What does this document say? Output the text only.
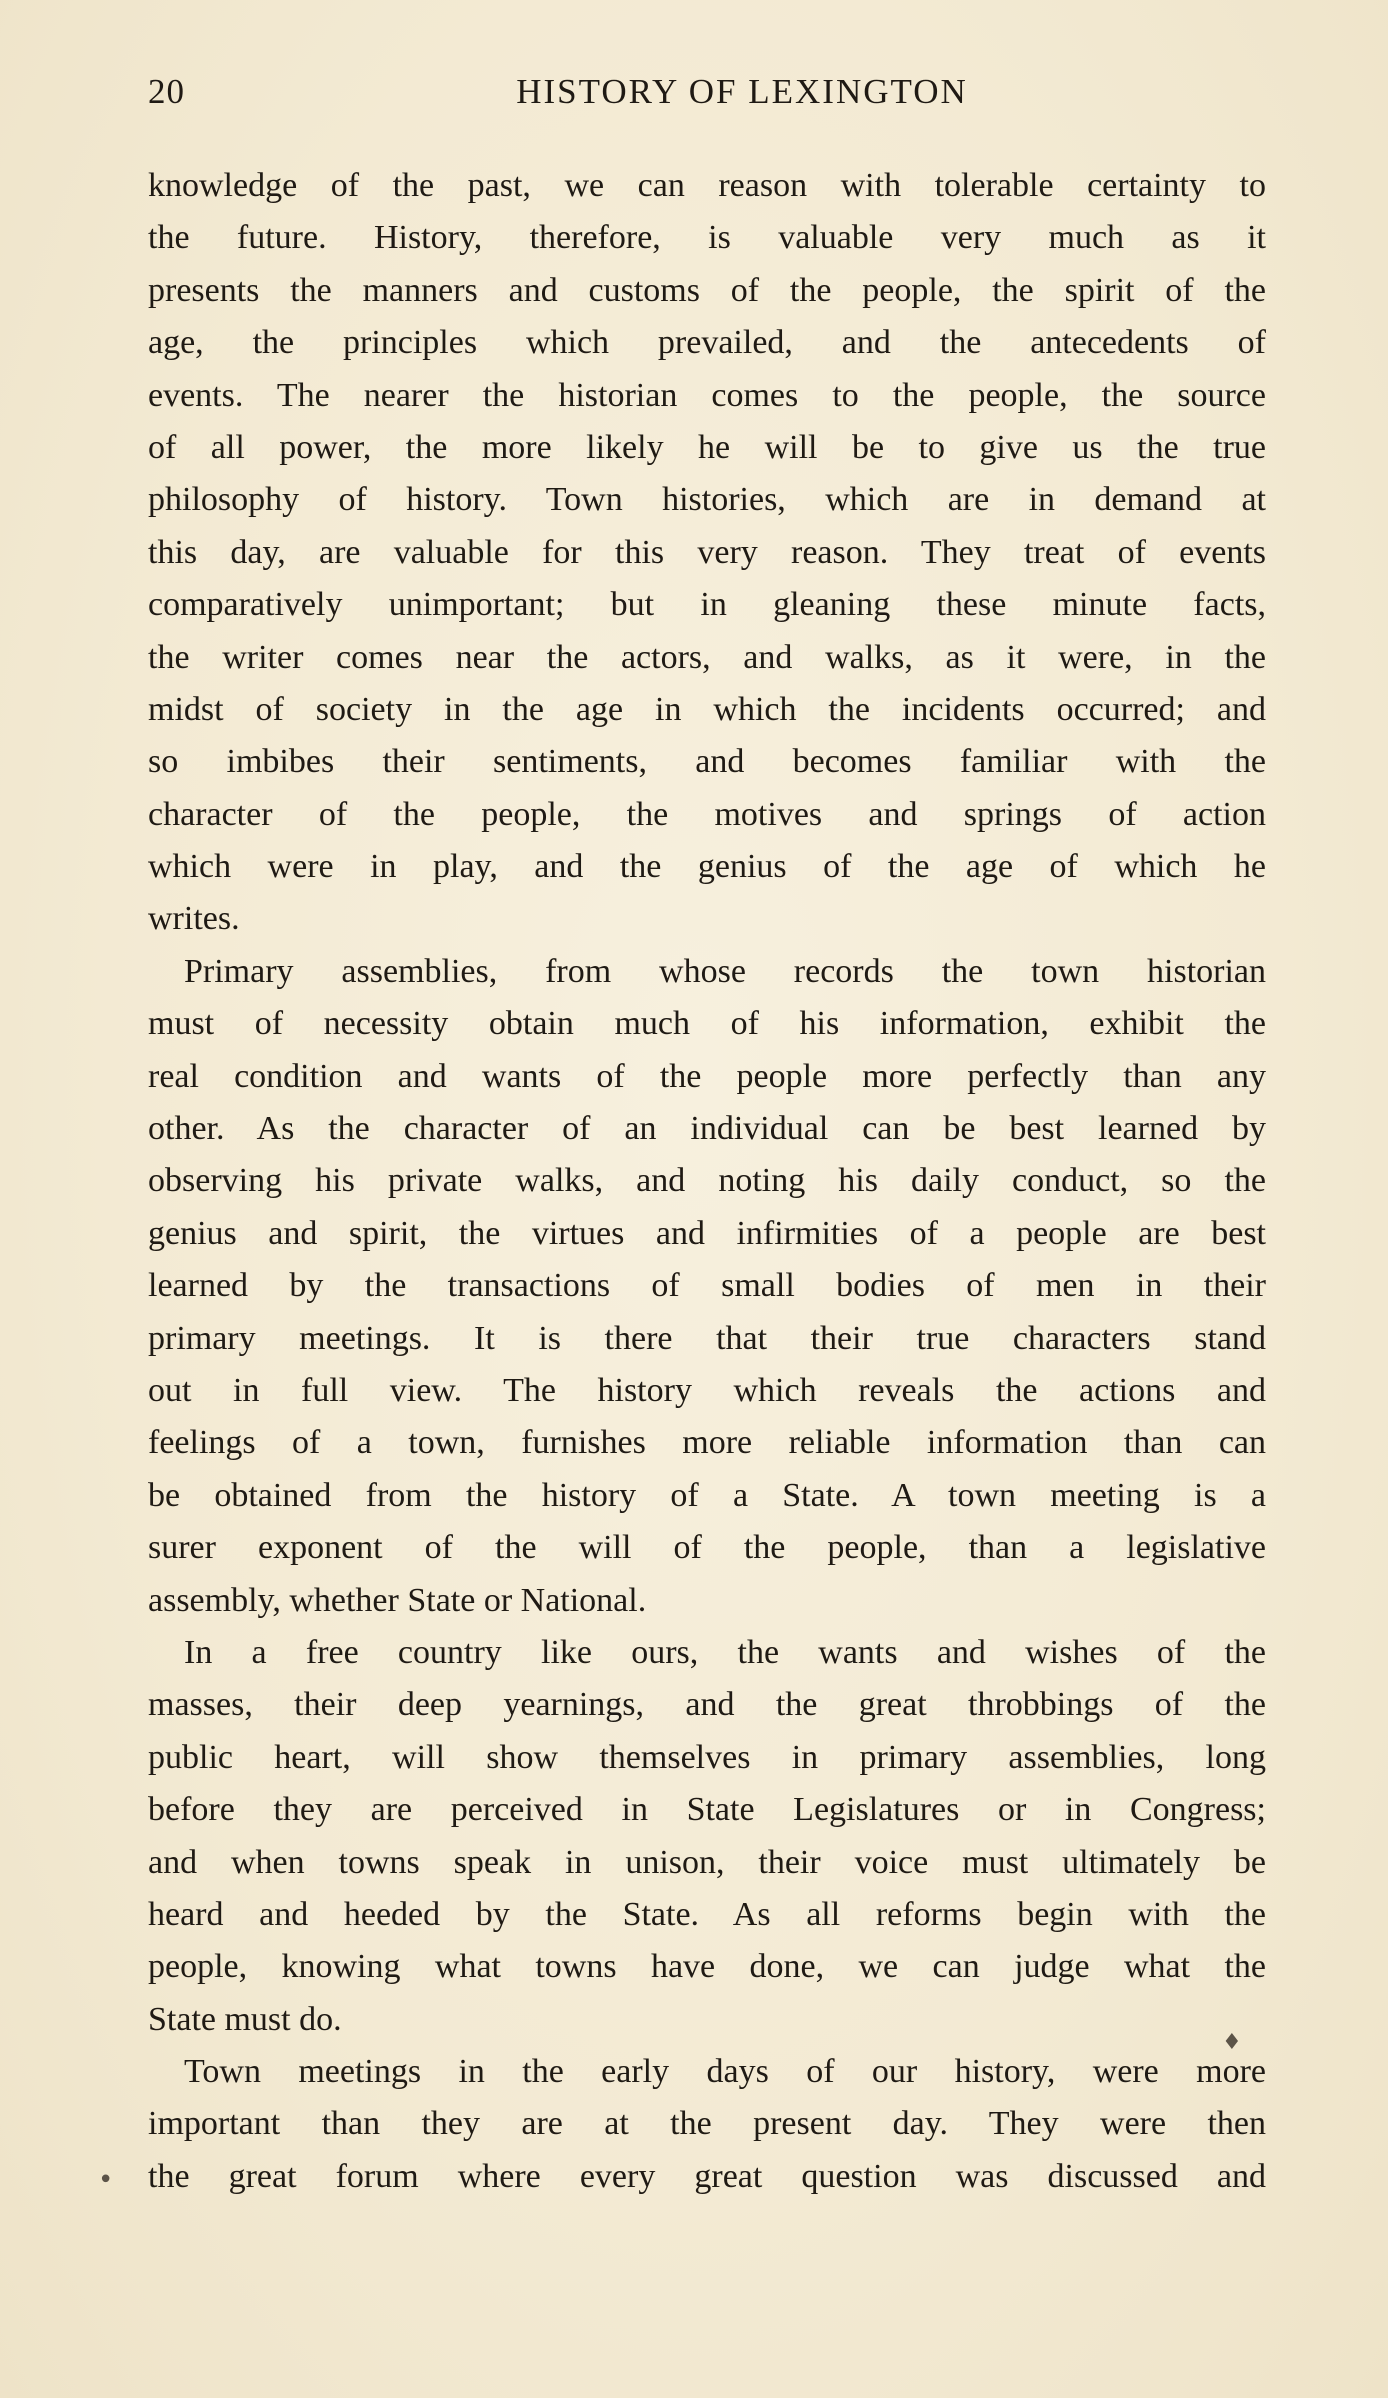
20	HISTORY OF LEXINGTON
knowledge of the past, we can reason with tolerable certainty to
the future. History, therefore, is valuable very much as it
presents the manners and customs of the people, the spirit of the
age, the principles which prevailed, and the antecedents of
events. The nearer the historian comes to the people, the source
of all power, the more likely he will be to give us the true
philosophy of history. Town histories, which are in demand at
this day, are valuable for this very reason. They treat of events
comparatively unimportant; but in gleaning these minute facts,
the writer comes near the actors, and walks, as it were, in the
midst of society in the age in which the incidents occurred; and
so imbibes their sentiments, and becomes familiar with the
character of the people, the motives and springs of action
which were in play, and the genius of the age of which he
writes.
Primary assemblies, from whose records the town historian
must of necessity obtain much of his information, exhibit the
real condition and wants of the people more perfectly than any
other. As the character of an individual can be best learned by
observing his private walks, and noting his daily conduct, so the
genius and spirit, the virtues and infirmities of a people are best
learned by the transactions of small bodies of men in their
primary meetings. It is there that their true characters stand
out in full view. The history which reveals the actions and
feelings of a town, furnishes more reliable information than can
be obtained from the history of a State. A town meeting is a
surer exponent of the will of the people, than a legislative
assembly, whether State or National.
In a free country like ours, the wants and wishes of the
masses, their deep yearnings, and the great throbbings of the
public heart, will show themselves in primary assemblies, long
before they are perceived in State Legislatures or in Congress;
and when towns speak in unison, their voice must ultimately be
heard and heeded by the State. As all reforms begin with the
people, knowing what towns have done, we can judge what the
State must do.
Town meetings in the early days of our history, were more
important than they are at the present day. They were then
the great forum where every great question was discussed and
♦
•
